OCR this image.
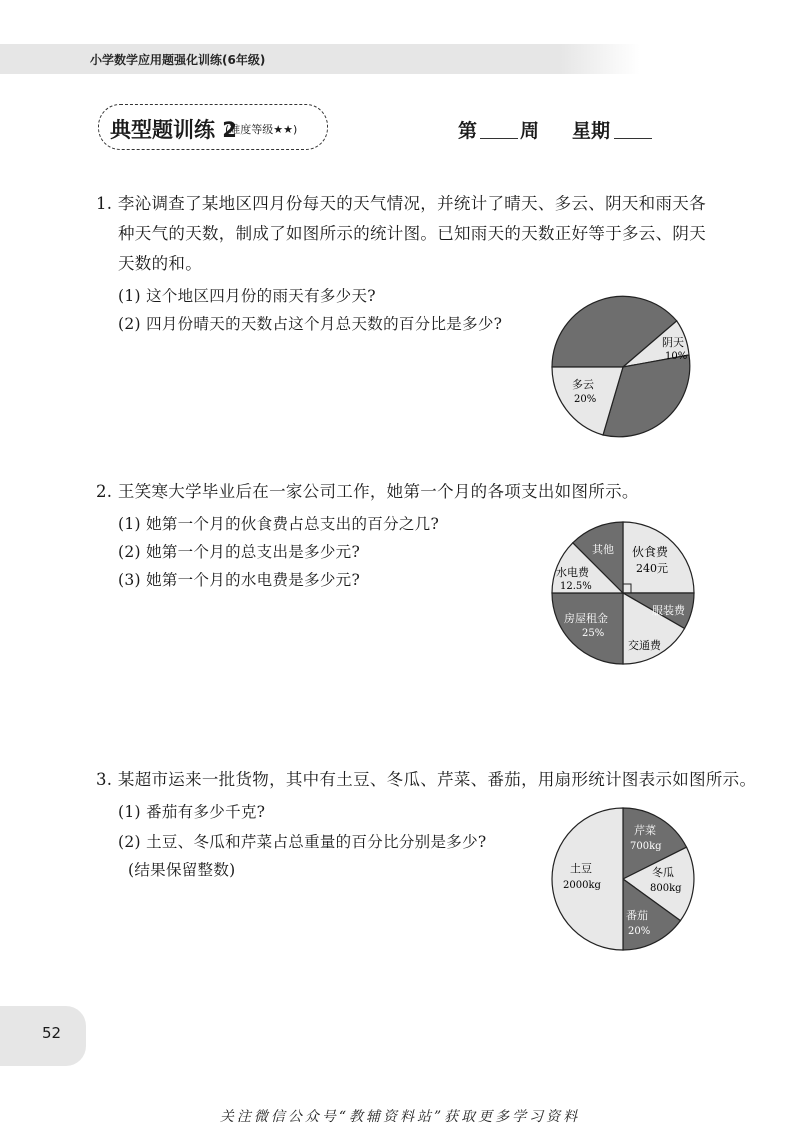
小学数学应用题强化训练(6年级)
典型题训练 2
(难度等级★★)	第 周 星期
1. 李沁调查了某地区四月份每天的天气情况，并统计了晴天、多云、阴天和雨天各
种天气的天数，制成了如图所示的统计图。已知雨天的天数正好等于多云、阴天
天数的和。
(1) 这个地区四月份的雨天有多少天?
(2) 四月份晴天的天数占这个月总天数的百分比是多少?
阴天
10%
多云
20%
2. 王笑寒大学毕业后在一家公司工作，她第一个月的各项支出如图所示。
(1) 她第一个月的伙食费占总支出的百分之几?
(2) 她第一个月的总支出是多少元?
(3) 她第一个月的水电费是多少元?
其他 伙食费
240元
水电费
12.5%
服装费
房屋租金
25%
交通费
3. 某超市运来一批货物，其中有土豆、冬瓜、芹菜、番茄，用扇形统计图表示如图所示。
(1) 番茄有多少千克?
(2) 土豆、冬瓜和芹菜占总重量的百分比分别是多少?
(结果保留整数)
芹菜
700kg
冬瓜
800kg
番茄
20%
土豆
2000kg
52
关注微信公众号“教辅资料站”获取更多学习资料
